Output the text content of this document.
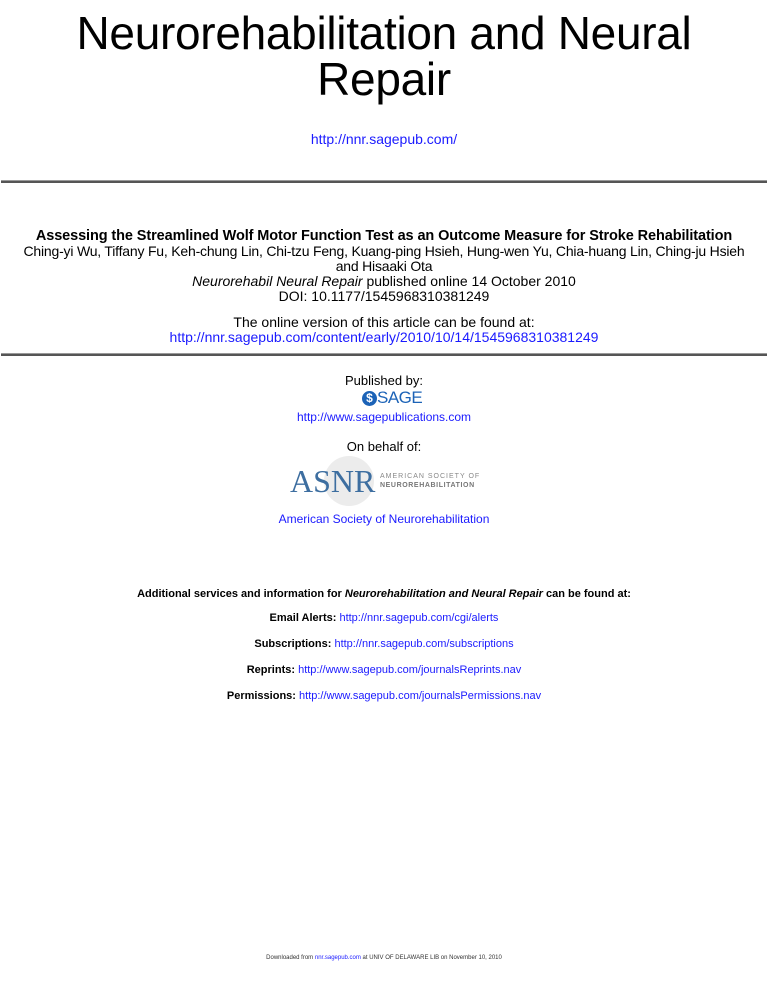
Neurorehabilitation and Neural
Repair
http://nnr.sagepub.com/
Assessing the Streamlined Wolf Motor Function Test as an Outcome Measure for Stroke Rehabilitation
Ching-yi Wu, Tiffany Fu, Keh-chung Lin, Chi-tzu Feng, Kuang-ping Hsieh, Hung-wen Yu, Chia-huang Lin, Ching-ju Hsieh
and Hisaaki Ota
Neurorehabil Neural Repair published online 14 October 2010
DOI: 10.1177/1545968310381249
The online version of this article can be found at:
http://nnr.sagepub.com/content/early/2010/10/14/1545968310381249
Published by:
$ SAGE
http://www.sagepublications.com
On behalf of:
ASNR AMERICAN SOCIETY OF
NEUROREHABILITATION
American Society of Neurorehabilitation
Additional services and information for Neurorehabilitation and Neural Repair can be found at:
Email Alerts: http://nnr.sagepub.com/cgi/alerts
Subscriptions: http://nnr.sagepub.com/subscriptions
Reprints: http://www.sagepub.com/journalsReprints.nav
Permissions: http://www.sagepub.com/journalsPermissions.nav
Downloaded from nnr.sagepub.com at UNIV OF DELAWARE LIB on November 10, 2010
